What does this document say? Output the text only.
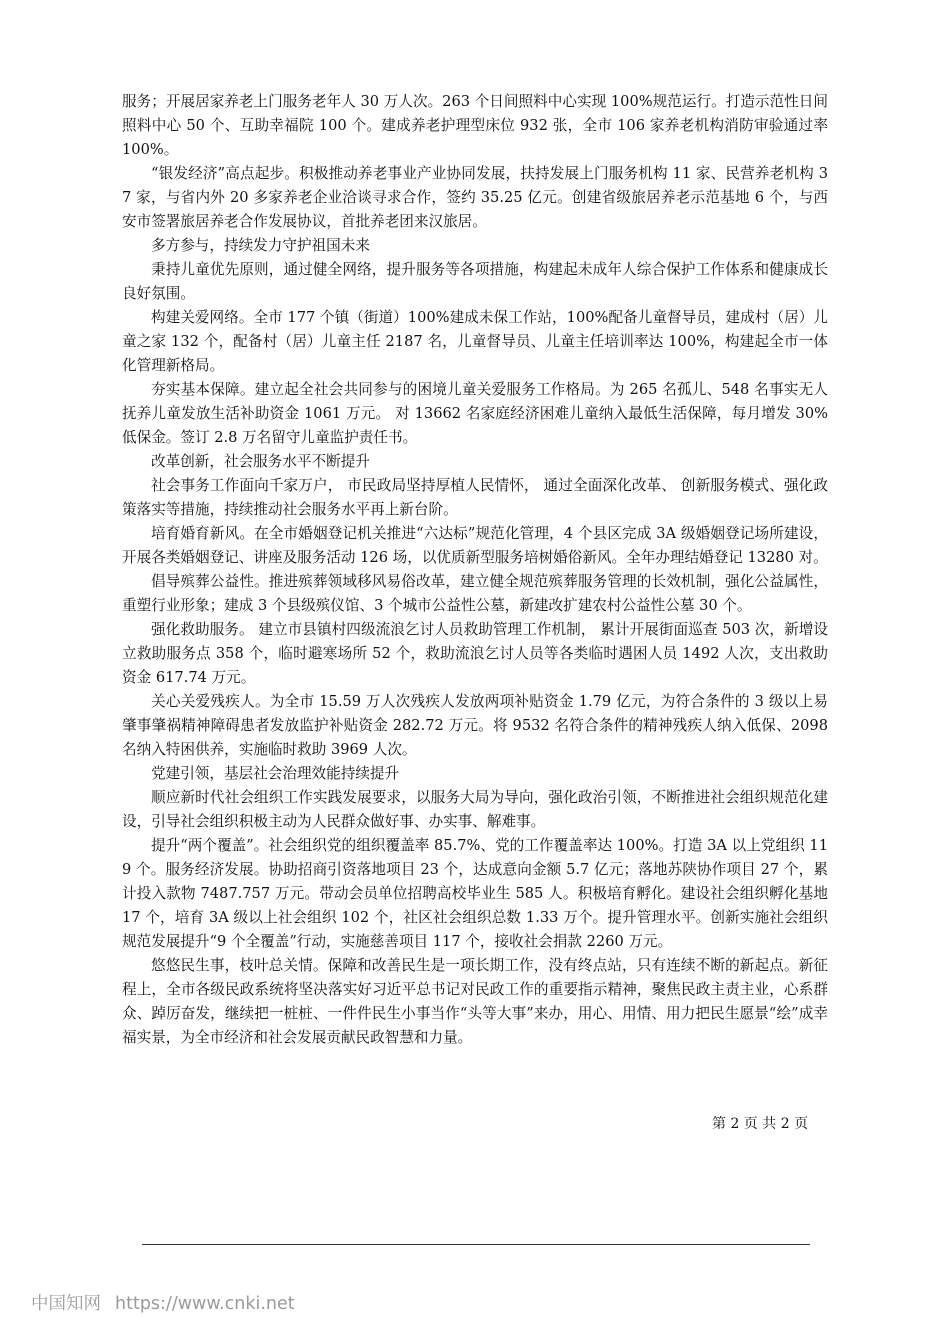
服务；开展居家养老上门服务老年人 30 万人次。263 个日间照料中心实现 100%规范运行。打造示范性日间照料中心 50 个、互助幸福院 100 个。建成养老护理型床位 932 张，全市 106 家养老机构消防审验通过率 100%。

“银发经济”高点起步。积极推动养老事业产业协同发展，扶持发展上门服务机构 11 家、民营养老机构 37 家，与省内外 20 多家养老企业洽谈寻求合作，签约 35.25 亿元。创建省级旅居养老示范基地 6 个，与西安市签署旅居养老合作发展协议，首批养老团来汉旅居。

多方参与，持续发力守护祖国未来

秉持儿童优先原则，通过健全网络，提升服务等各项措施，构建起未成年人综合保护工作体系和健康成长良好氛围。

构建关爱网络。全市 177 个镇（街道）100%建成未保工作站，100%配备儿童督导员，建成村（居）儿童之家 132 个，配备村（居）儿童主任 2187 名，儿童督导员、儿童主任培训率达 100%，构建起全市一体化管理新格局。

夯实基本保障。建立起全社会共同参与的困境儿童关爱服务工作格局。为 265 名孤儿、548 名事实无人抚养儿童发放生活补助资金 1061 万元。 对 13662 名家庭经济困难儿童纳入最低生活保障，每月增发 30%低保金。签订 2.8 万名留守儿童监护责任书。

改革创新，社会服务水平不断提升

社会事务工作面向千家万户， 市民政局坚持厚植人民情怀， 通过全面深化改革、 创新服务模式、强化政策落实等措施，持续推动社会服务水平再上新台阶。

培育婚育新风。在全市婚姻登记机关推进“六达标”规范化管理，4 个县区完成 3A 级婚姻登记场所建设，开展各类婚姻登记、讲座及服务活动 126 场，以优质新型服务培树婚俗新风。全年办理结婚登记 13280 对。

倡导殡葬公益性。推进殡葬领域移风易俗改革，建立健全规范殡葬服务管理的长效机制，强化公益属性，重塑行业形象；建成 3 个县级殡仪馆、3 个城市公益性公墓，新建改扩建农村公益性公墓 30 个。

强化救助服务。 建立市县镇村四级流浪乞讨人员救助管理工作机制， 累计开展街面巡查 503 次，新增设立救助服务点 358 个，临时避寒场所 52 个，救助流浪乞讨人员等各类临时遇困人员 1492 人次，支出救助资金 617.74 万元。

关心关爱残疾人。为全市 15.59 万人次残疾人发放两项补贴资金 1.79 亿元，为符合条件的 3 级以上易肇事肇祸精神障碍患者发放监护补贴资金 282.72 万元。将 9532 名符合条件的精神残疾人纳入低保、2098 名纳入特困供养，实施临时救助 3969 人次。

党建引领，基层社会治理效能持续提升

顺应新时代社会组织工作实践发展要求，以服务大局为导向，强化政治引领，不断推进社会组织规范化建设，引导社会组织积极主动为人民群众做好事、办实事、解难事。

提升“两个覆盖”。社会组织党的组织覆盖率 85.7%、党的工作覆盖率达 100%。打造 3A 以上党组织 119 个。服务经济发展。协助招商引资落地项目 23 个，达成意向金额 5.7 亿元；落地苏陕协作项目 27 个，累计投入款物 7487.757 万元。带动会员单位招聘高校毕业生 585 人。积极培育孵化。建设社会组织孵化基地 17 个，培育 3A 级以上社会组织 102 个，社区社会组织总数 1.33 万个。提升管理水平。创新实施社会组织规范发展提升“9 个全覆盖”行动，实施慈善项目 117 个，接收社会捐款 2260 万元。

悠悠民生事，枝叶总关情。保障和改善民生是一项长期工作，没有终点站，只有连续不断的新起点。新征程上，全市各级民政系统将坚决落实好习近平总书记对民政工作的重要指示精神，聚焦民政主责主业，心系群众、踔厉奋发，继续把一桩桩、一件件民生小事当作“头等大事”来办，用心、用情、用力把民生愿景“绘”成幸福实景，为全市经济和社会发展贡献民政智慧和力量。

第 2 页 共 2 页
中国知网 https://www.cnki.net
